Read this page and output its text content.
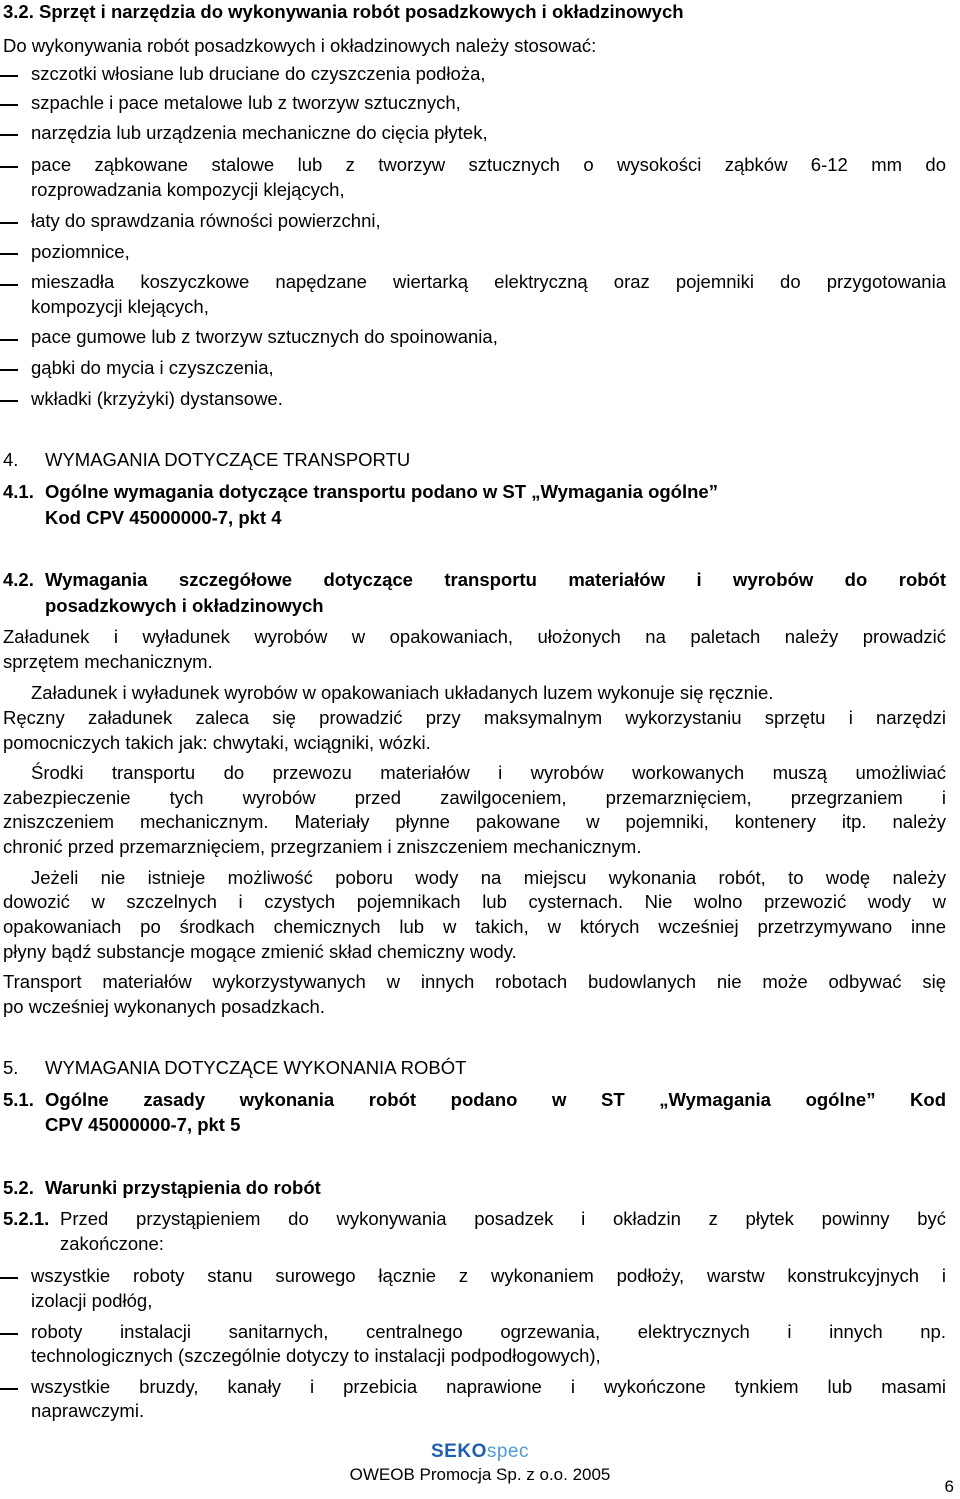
3.2. Sprzęt i narzędzia do wykonywania robót posadzkowych i okładzinowych
Do wykonywania robót posadzkowych i okładzinowych należy stosować:
szczotki włosiane lub druciane do czyszczenia podłoża,
szpachle i pace metalowe lub z tworzyw sztucznych,
narzędzia lub urządzenia mechaniczne do cięcia płytek,
pace ząbkowane stalowe lub z tworzyw sztucznych o wysokości ząbków 6-12 mm do
rozprowadzania kompozycji klejących,
łaty do sprawdzania równości powierzchni,
poziomnice,
mieszadła koszyczkowe napędzane wiertarką elektryczną oraz pojemniki do przygotowania
kompozycji klejących,
pace gumowe lub z tworzyw sztucznych do spoinowania,
gąbki do mycia i czyszczenia,
wkładki (krzyżyki) dystansowe.
4. WYMAGANIA DOTYCZĄCE TRANSPORTU
4.1. Ogólne wymagania dotyczące transportu podano w ST „Wymagania ogólne”
Kod CPV 45000000-7, pkt 4
4.2. Wymagania szczegółowe dotyczące transportu materiałów i wyrobów do robót
posadzkowych i okładzinowych
Załadunek i wyładunek wyrobów w opakowaniach, ułożonych na paletach należy prowadzić
sprzętem mechanicznym.
Załadunek i wyładunek wyrobów w opakowaniach układanych luzem wykonuje się ręcznie.
Ręczny załadunek zaleca się prowadzić przy maksymalnym wykorzystaniu sprzętu i narzędzi
pomocniczych takich jak: chwytaki, wciągniki, wózki.
Środki transportu do przewozu materiałów i wyrobów workowanych muszą umożliwiać
zabezpieczenie tych wyrobów przed zawilgoceniem, przemarznięciem, przegrzaniem i
zniszczeniem mechanicznym. Materiały płynne pakowane w pojemniki, kontenery itp. należy
chronić przed przemarznięciem, przegrzaniem i zniszczeniem mechanicznym.
Jeżeli nie istnieje możliwość poboru wody na miejscu wykonania robót, to wodę należy
dowozić w szczelnych i czystych pojemnikach lub cysternach. Nie wolno przewozić wody w
opakowaniach po środkach chemicznych lub w takich, w których wcześniej przetrzymywano inne
płyny bądź substancje mogące zmienić skład chemiczny wody.
Transport materiałów wykorzystywanych w innych robotach budowlanych nie może odbywać się
po wcześniej wykonanych posadzkach.
5. WYMAGANIA DOTYCZĄCE WYKONANIA ROBÓT
5.1. Ogólne zasady wykonania robót podano w ST „Wymagania ogólne” Kod
CPV 45000000-7, pkt 5
5.2. Warunki przystąpienia do robót
5.2.1. Przed przystąpieniem do wykonywania posadzek i okładzin z płytek powinny być
zakończone:
wszystkie roboty stanu surowego łącznie z wykonaniem podłoży, warstw konstrukcyjnych i
izolacji podłóg,
roboty instalacji sanitarnych, centralnego ogrzewania, elektrycznych i innych np.
technologicznych (szczególnie dotyczy to instalacji podpodłogowych),
wszystkie bruzdy, kanały i przebicia naprawione i wykończone tynkiem lub masami
naprawczymi.
SEKOspec
OWEOB Promocja Sp. z o.o. 2005
6
